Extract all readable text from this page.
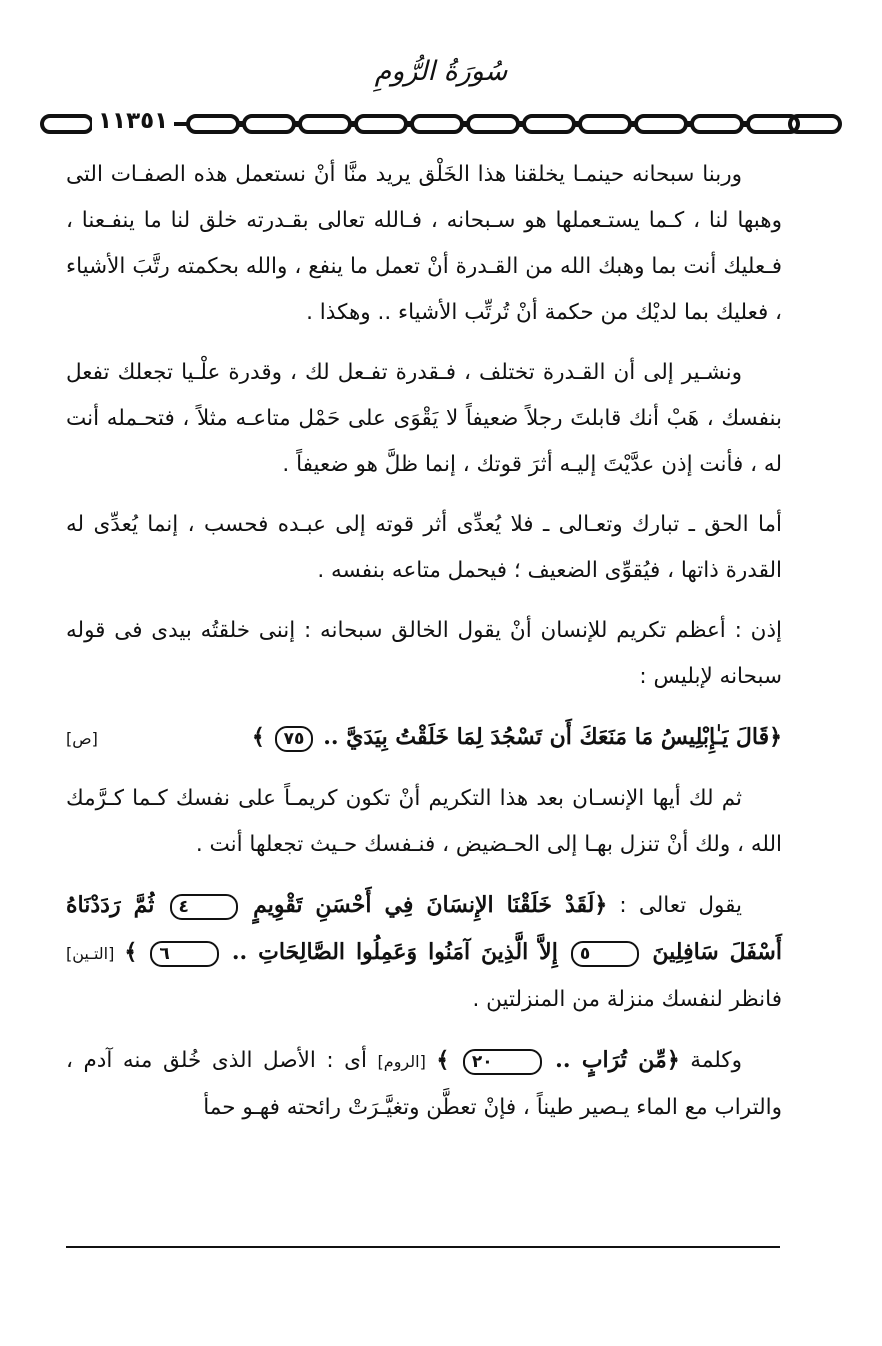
سُورَةُ الرُّومِ
١١٣٥١

وربنا سبحانه حينمـا يخلقنا هذا الخَلْق يريد منَّا أنْ نستعمل هذه الصفـات التى وهبها لنا ، كـما يستـعملها هو سـبحانه ، فـالله تعالى بقـدرته خلق لنا ما ينفـعنا ، فـعليك أنت بما وهبك الله من القـدرة أنْ تعمل ما ينفع ، والله بحكمته رتَّبَ الأشياء ، فعليك بما لديْك من حكمة أنْ تُرتِّب الأشياء .. وهكذا .

ونشـير إلى أن القـدرة تختلف ، فـقدرة تفـعل لك ، وقدرة علْـيا تجعلك تفعل بنفسك ، هَبْ أنك قابلتَ رجلاً ضعيفاً لا يَقْوَى على حَمْل متاعـه مثلاً ، فتحـمله أنت له ، فأنت إذن عدَّيْتَ إليـه أثرَ قوتك ، إنما ظلَّ هو ضعيفاً .

أما الحق ـ تبارك وتعـالى ـ فلا يُعدِّى أثر قوته إلى عبـده فحسب ، إنما يُعدِّى له القدرة ذاتها ، فيُقوِّى الضعيف ؛ فيحمل متاعه بنفسه .

إذن : أعظم تكريم للإنسان أنْ يقول الخالق سبحانه : إننى خلقتُه بيدى فى قوله سبحانه لإبليس :

﴿قَالَ يَـٰإِبْلِيسُ مَا مَنَعَكَ أَن تَسْجُدَ لِمَا خَلَقْتُ بِيَدَيَّ .. ٧٥ ﴾
[ص]

ثم لك أيها الإنسـان بعد هذا التكريم أنْ تكون كريمـاً على نفسك كـما كـرَّمك الله ، ولك أنْ تنزل بهـا إلى الحـضيض ، فنـفسك حـيث تجعلها أنت .

يقول تعالى : ﴿لَقَدْ خَلَقْنَا الإِنسَانَ فِي أَحْسَنِ تَقْوِيمٍ ٤ ثُمَّ رَدَدْنَاهُ أَسْفَلَ سَافِلِينَ ٥ إِلاَّ الَّذِينَ آمَنُوا وَعَمِلُوا الصَّالِحَاتِ .. ٦ ﴾ [التـين] فانظر لنفسك منزلة من المنزلتين .

وكلمة ﴿مِّن تُرَابٍ .. ٢٠ ﴾ [الروم] أى : الأصل الذى خُلق منه آدم ، والتراب مع الماء يـصير طيناً ، فإنْ تعطَّن وتغيَّـرَتْ رائحته فهـو حمأ
